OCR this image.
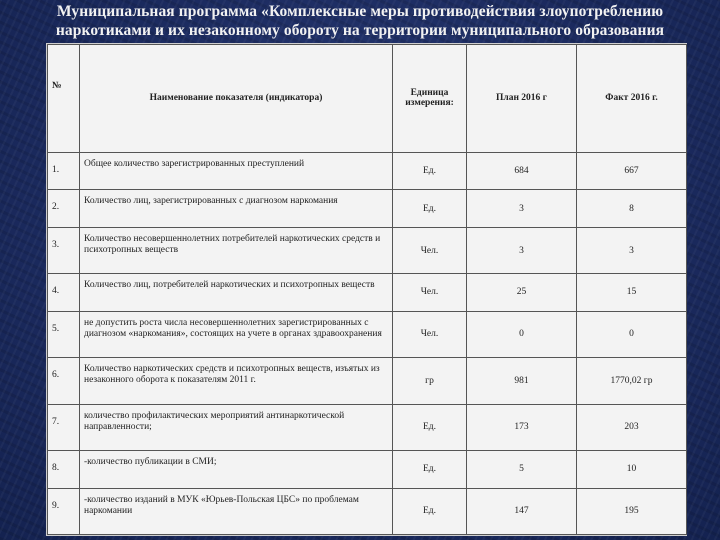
Муниципальная программа «Комплексные меры противодействия злоупотреблению
наркотиками и их незаконному обороту на территории муниципального образования
№	Наименование показателя (индикатора)	Единица измерения:	План 2016 г	Факт 2016 г.
1.	Общее количество зарегистрированных преступлений	Ед.	684	667
2.	Количество лиц, зарегистрированных с диагнозом наркомания	Ед.	3	8
3.	Количество несовершеннолетних потребителей наркотических средств и психотропных веществ	Чел.	3	3
4.	Количество лиц, потребителей наркотических и психотропных веществ	Чел.	25	15
5.	не допустить роста числа несовершеннолетних зарегистрированных с диагнозом «наркомания», состоящих на учете в органах здравоохранения	Чел.	0	0
6.	Количество наркотических средств и психотропных веществ, изъятых из незаконного оборота к показателям 2011 г.	гр	981	1770,02 гр
7.	количество профилактических мероприятий антинаркотической направленности;	Ед.	173	203
8.	-количество публикации в СМИ;	Ед.	5	10
9.	-количество изданий в МУК «Юрьев-Польская ЦБС» по проблемам наркомании	Ед.	147	195
